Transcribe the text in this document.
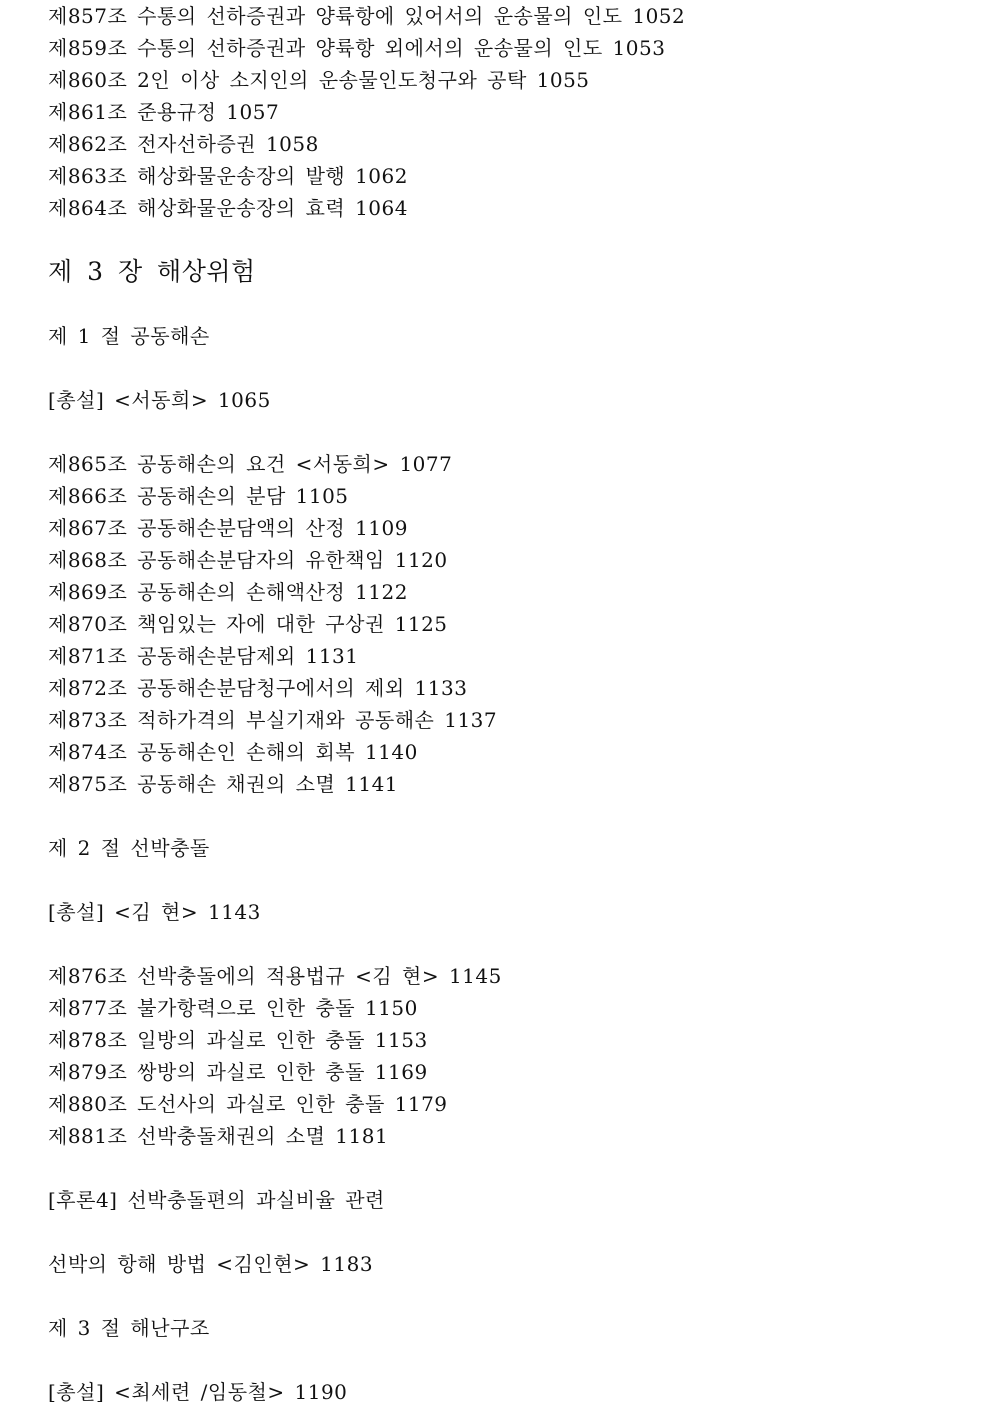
제857조 수통의 선하증권과 양륙항에 있어서의 운송물의 인도 1052
제859조 수통의 선하증권과 양륙항 외에서의 운송물의 인도 1053
제860조 2인 이상 소지인의 운송물인도청구와 공탁 1055
제861조 준용규정 1057
제862조 전자선하증권 1058
제863조 해상화물운송장의 발행 1062
제864조 해상화물운송장의 효력 1064
제 3 장 해상위험
제 1 절 공동해손
[총설] <서동희> 1065
제865조 공동해손의 요건 <서동희> 1077
제866조 공동해손의 분담 1105
제867조 공동해손분담액의 산정 1109
제868조 공동해손분담자의 유한책임 1120
제869조 공동해손의 손해액산정 1122
제870조 책임있는 자에 대한 구상권 1125
제871조 공동해손분담제외 1131
제872조 공동해손분담청구에서의 제외 1133
제873조 적하가격의 부실기재와 공동해손 1137
제874조 공동해손인 손해의 회복 1140
제875조 공동해손 채권의 소멸 1141
제 2 절 선박충돌
[총설] <김 현> 1143
제876조 선박충돌에의 적용법규 <김 현> 1145
제877조 불가항력으로 인한 충돌 1150
제878조 일방의 과실로 인한 충돌 1153
제879조 쌍방의 과실로 인한 충돌 1169
제880조 도선사의 과실로 인한 충돌 1179
제881조 선박충돌채권의 소멸 1181
[후론4] 선박충돌편의 과실비율 관련
선박의 항해 방법 <김인현> 1183
제 3 절 해난구조
[총설] <최세련 /임동철> 1190
